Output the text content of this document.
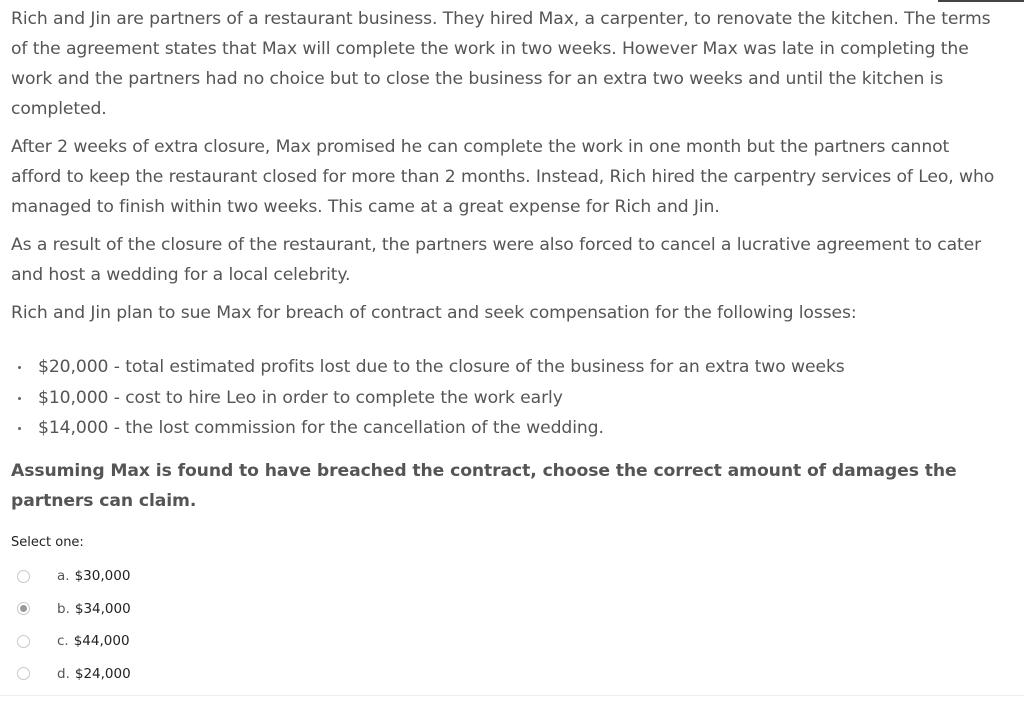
Rich and Jin are partners of a restaurant business. They hired Max, a carpenter, to renovate the kitchen. The terms of the agreement states that Max will complete the work in two weeks. However Max was late in completing the work and the partners had no choice but to close the business for an extra two weeks and until the kitchen is completed.

After 2 weeks of extra closure, Max promised he can complete the work in one month but the partners cannot afford to keep the restaurant closed for more than 2 months. Instead, Rich hired the carpentry services of Leo, who managed to finish within two weeks. This came at a great expense for Rich and Jin.

As a result of the closure of the restaurant, the partners were also forced to cancel a lucrative agreement to cater and host a wedding for a local celebrity.

Rich and Jin plan to sue Max for breach of contract and seek compensation for the following losses:

$20,000 - total estimated profits lost due to the closure of the business for an extra two weeks
$10,000 - cost to hire Leo in order to complete the work early
$14,000 - the lost commission for the cancellation of the wedding.

Assuming Max is found to have breached the contract, choose the correct amount of damages the partners can claim.

Select one:
a. $30,000
b. $34,000
c. $44,000
d. $24,000
